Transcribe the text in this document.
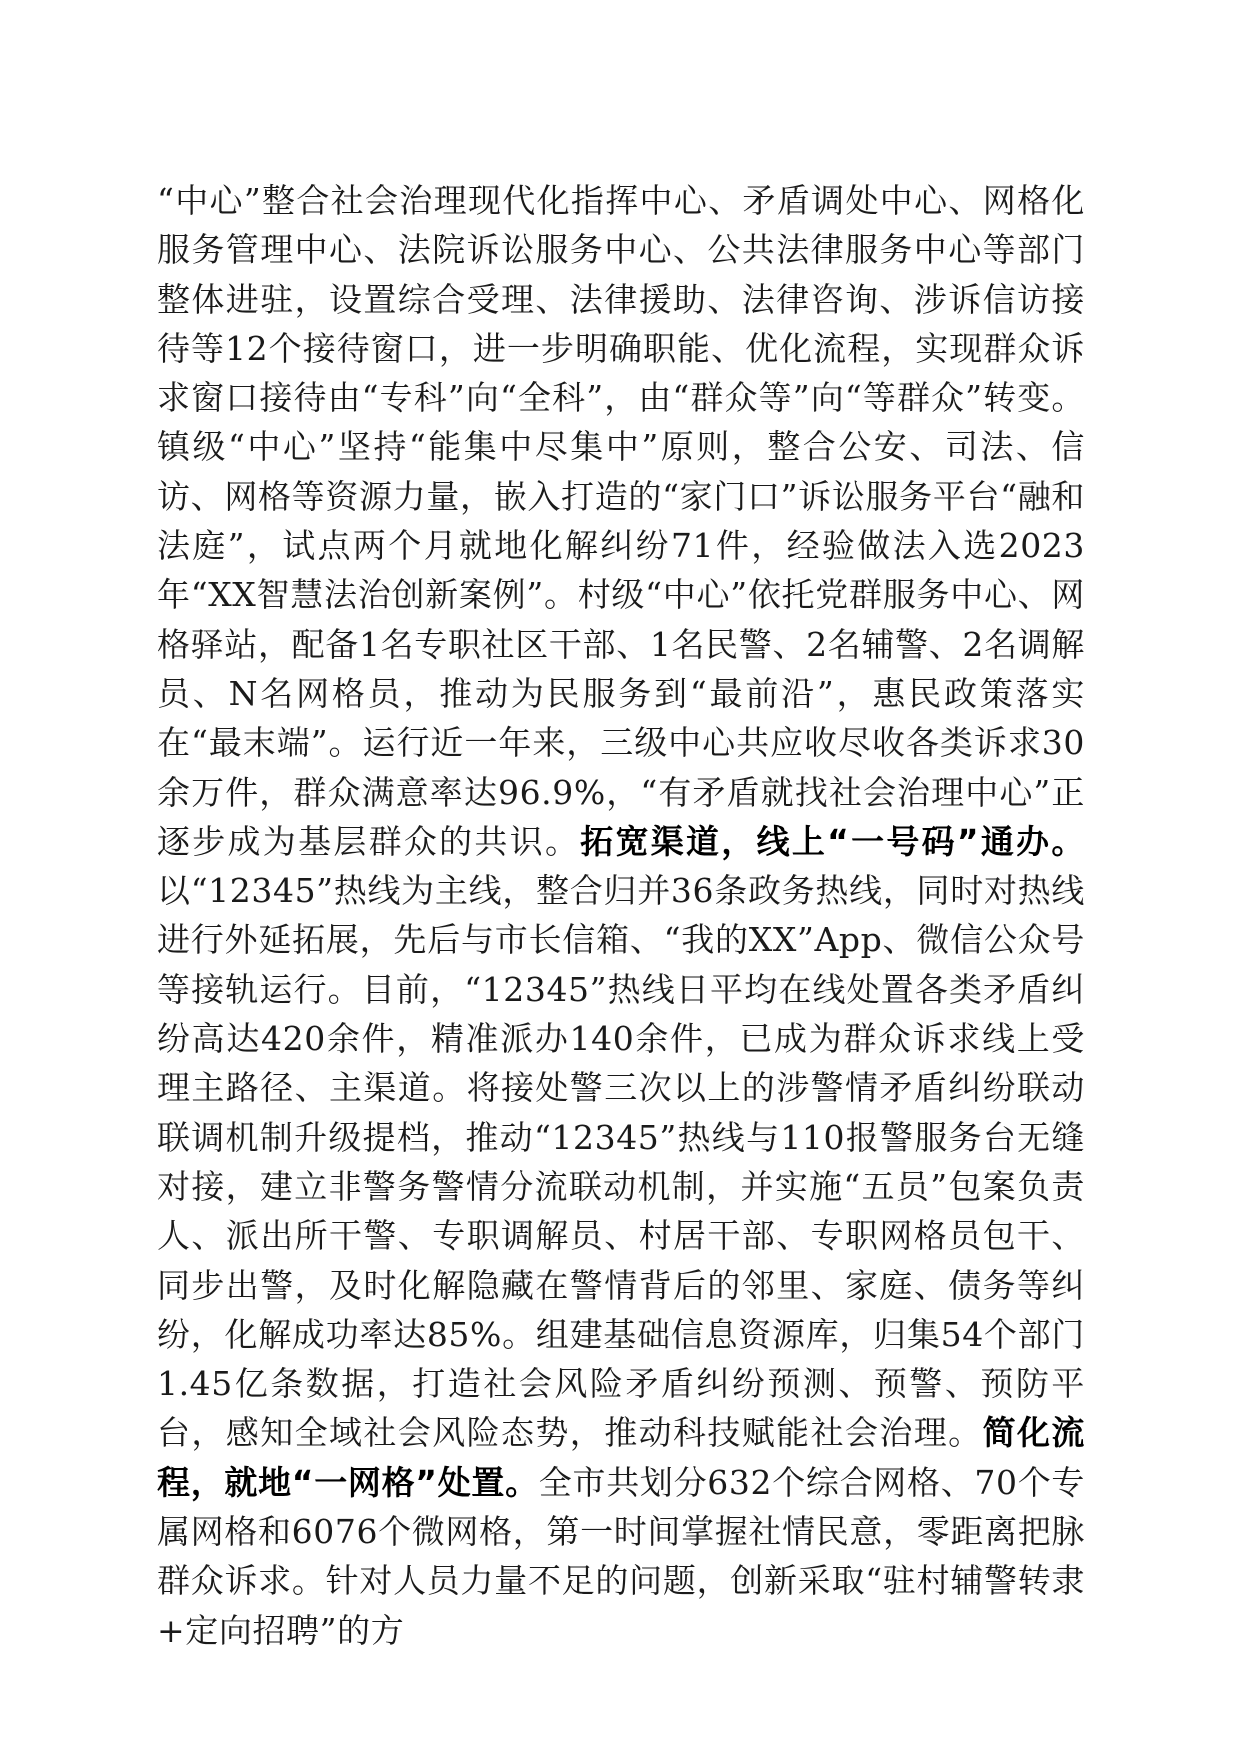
“中心”整合社会治理现代化指挥中心、矛盾调处中心、网格化服务管理中心、法院诉讼服务中心、公共法律服务中心等部门整体进驻，设置综合受理、法律援助、法律咨询、涉诉信访接待等12个接待窗口，进一步明确职能、优化流程，实现群众诉求窗口接待由“专科”向“全科”，由“群众等”向“等群众”转变。镇级“中心”坚持“能集中尽集中”原则，整合公安、司法、信访、网格等资源力量，嵌入打造的“家门口”诉讼服务平台“融和法庭”，试点两个月就地化解纠纷71件，经验做法入选2023年“XX智慧法治创新案例”。村级“中心”依托党群服务中心、网格驿站，配备1名专职社区干部、1名民警、2名辅警、2名调解员、N名网格员，推动为民服务到“最前沿”，惠民政策落实在“最末端”。运行近一年来，三级中心共应收尽收各类诉求30余万件，群众满意率达96.9%，“有矛盾就找社会治理中心”正逐步成为基层群众的共识。拓宽渠道，线上“一号码”通办。以“12345”热线为主线，整合归并36条政务热线，同时对热线进行外延拓展，先后与市长信箱、“我的XX”App、微信公众号等接轨运行。目前，“12345”热线日平均在线处置各类矛盾纠纷高达420余件，精准派办140余件，已成为群众诉求线上受理主路径、主渠道。将接处警三次以上的涉警情矛盾纠纷联动联调机制升级提档，推动“12345”热线与110报警服务台无缝对接，建立非警务警情分流联动机制，并实施“五员”包案负责人、派出所干警、专职调解员、村居干部、专职网格员包干、同步出警，及时化解隐藏在警情背后的邻里、家庭、债务等纠纷，化解成功率达85%。组建基础信息资源库，归集54个部门1.45亿条数据，打造社会风险矛盾纠纷预测、预警、预防平台，感知全域社会风险态势，推动科技赋能社会治理。简化流程，就地“一网格”处置。全市共划分632个综合网格、70个专属网格和6076个微网格，第一时间掌握社情民意，零距离把脉群众诉求。针对人员力量不足的问题，创新采取“驻村辅警转隶+定向招聘”的方
